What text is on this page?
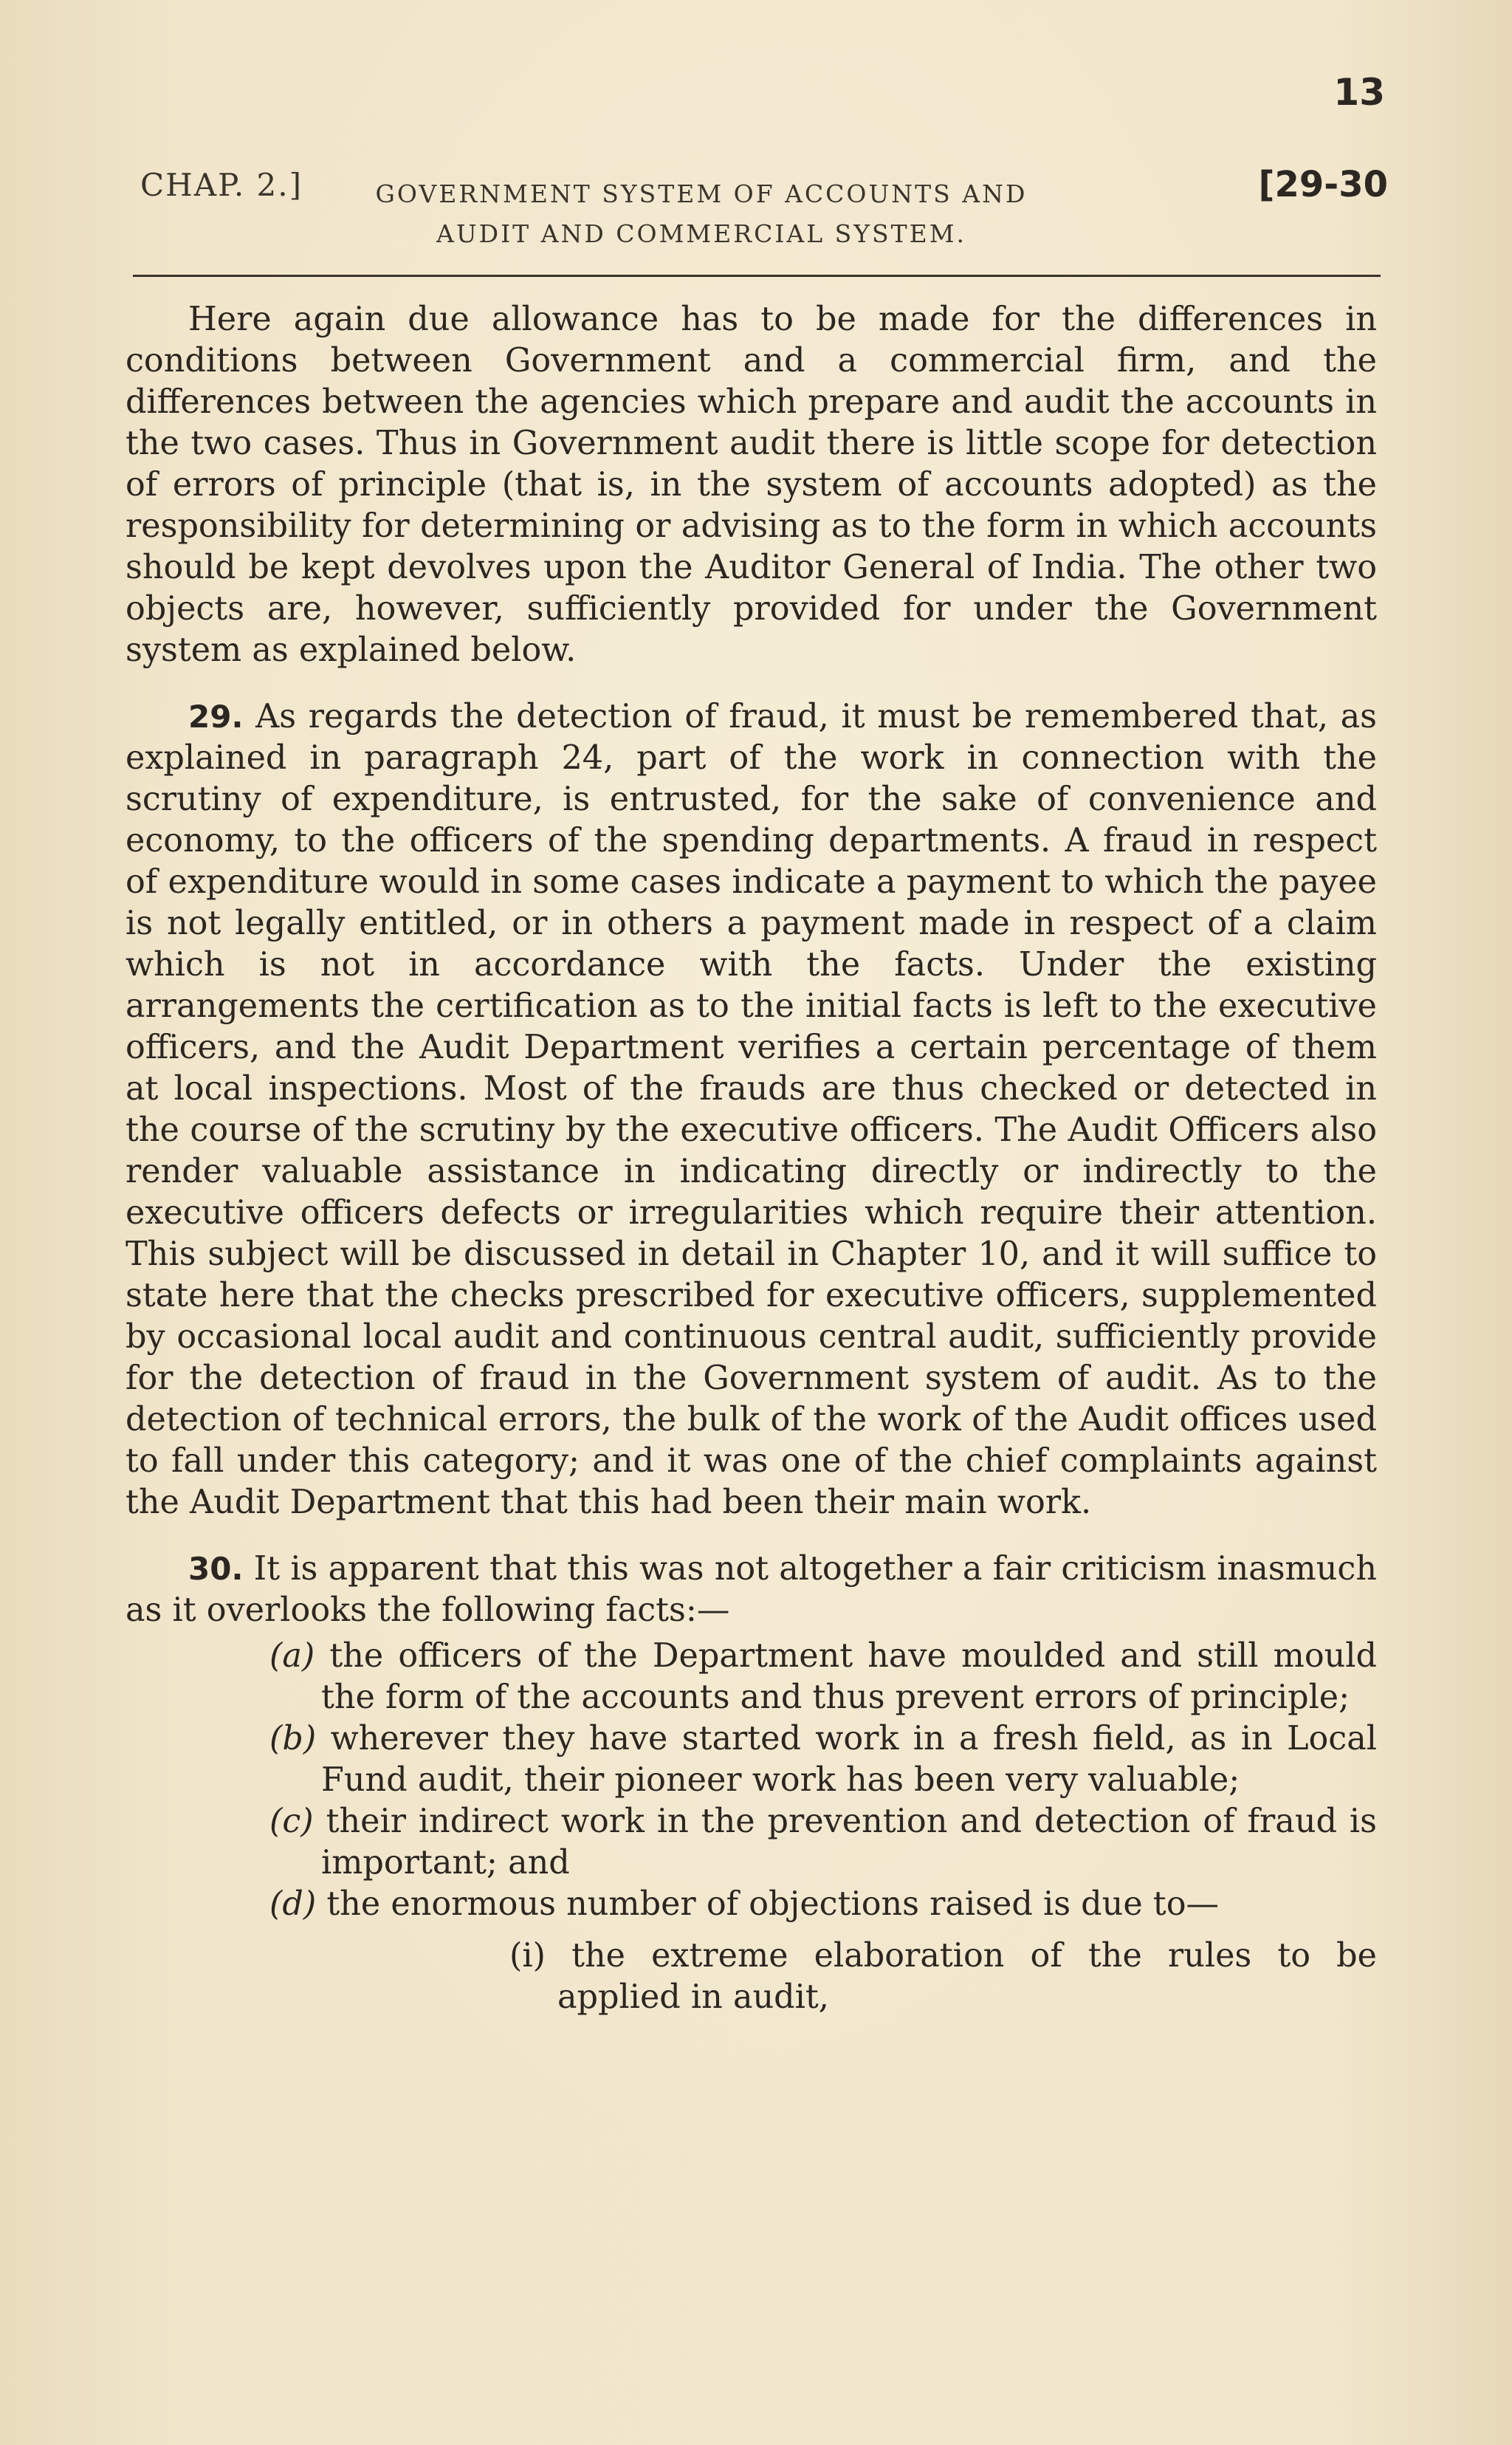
13
CHAP. 2.]	GOVERNMENT SYSTEM OF ACCOUNTS AND
AUDIT AND COMMERCIAL SYSTEM.
[29-30

Here again due allowance has to be made for the differences in conditions between Government and a commercial firm, and the differences between the agencies which prepare and audit the accounts in the two cases. Thus in Government audit there is little scope for detection of errors of principle (that is, in the system of accounts adopted) as the responsibility for determining or advising as to the form in which accounts should be kept devolves upon the Auditor General of India. The other two objects are, however, sufficiently provided for under the Government system as explained below.

29. As regards the detection of fraud, it must be remembered that, as explained in paragraph 24, part of the work in connection with the scrutiny of expenditure, is entrusted, for the sake of convenience and economy, to the officers of the spending departments. A fraud in respect of expenditure would in some cases indicate a payment to which the payee is not legally entitled, or in others a payment made in respect of a claim which is not in accordance with the facts. Under the existing arrangements the certification as to the initial facts is left to the executive officers, and the Audit Department verifies a certain percentage of them at local inspections. Most of the frauds are thus checked or detected in the course of the scrutiny by the executive officers. The Audit Officers also render valuable assistance in indicating directly or indirectly to the executive officers defects or irregularities which require their attention. This subject will be discussed in detail in Chapter 10, and it will suffice to state here that the checks prescribed for executive officers, supplemented by occasional local audit and continuous central audit, sufficiently provide for the detection of fraud in the Government system of audit. As to the detection of technical errors, the bulk of the work of the Audit offices used to fall under this category; and it was one of the chief complaints against the Audit Department that this had been their main work.

30. It is apparent that this was not altogether a fair criticism inasmuch as it overlooks the following facts:—

(a) the officers of the Department have moulded and still mould the form of the accounts and thus prevent errors of principle;
(b) wherever they have started work in a fresh field, as in Local Fund audit, their pioneer work has been very valuable;
(c) their indirect work in the prevention and detection of fraud is important; and
(d) the enormous number of objections raised is due to—
(i) the extreme elaboration of the rules to be applied in audit,
